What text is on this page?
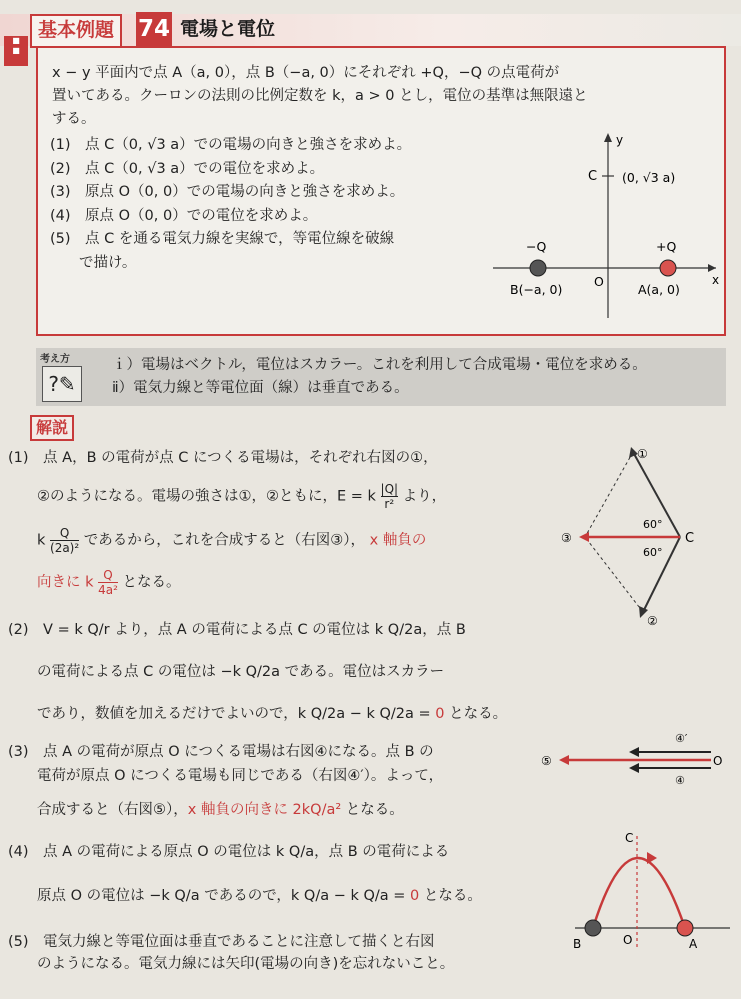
■
■
基本例題	74 電場と電位

x − y 平面内で点 A（a, 0），点 B（−a, 0）にそれぞれ +Q，−Q の点電荷が

置いてある。クーロンの法則の比例定数を k，a > 0 とし，電位の基準は無限遠と

する。

(1)　点 C（0, √3 a）での電場の向きと強さを求めよ。
(2)　点 C（0, √3 a）での電位を求めよ。
(3)　原点 O（0, 0）での電場の向きと強さを求めよ。
(4)　原点 O（0, 0）での電位を求めよ。
(5)　点 C を通る電気力線を実線で，等電位線を破線
　　で描け。
y
x
C (0, √3 a)
−Q	+Q
B(−a, 0)
O
A(a, 0)
考え方
?✎
ｉ）電場はベクトル，電位はスカラー。これを利用して合成電場・電位を求める。
ⅱ）電気力線と等電位面（線）は垂直である。
解説
(1)　点 A，B の電荷が点 C につくる電場は，それぞれ右図の①，
　　②のようになる。電場の強さは①，②ともに，E = k $\frac{|Q|}{\text{r²}}$ より，
　　k $\frac{Q}{\text{(2a)²}}$ であるから，これを合成すると（右図③）， x 軸負の
　　向きに k $\frac{Q}{\text{4a²}}$ となる。
(2)　V = k Q/r より，点 A の電荷による点 C の電位は k Q/2a，点 B
　　の電荷による点 C の電位は −k Q/2a である。電位はスカラー
　　であり，数値を加えるだけでよいので，k Q/2a − k Q/2a = 0 となる。
(3)　点 A の電荷が原点 O につくる電場は右図④になる。点 B の
　　電荷が原点 O につくる電場も同じである（右図④′）。よって，
　　合成すると（右図⑤），x 軸負の向きに 2kQ/a² となる。
(4)　点 A の電荷による原点 O の電位は k Q/a，点 B の電荷による
　　原点 O の電位は −k Q/a であるので，k Q/a − k Q/a = 0 となる。
(5)　電気力線と等電位面は垂直であることに注意して描くと右図
　　のようになる。電気力線には矢印(電場の向き)を忘れないこと。
C
①
②
③
60°
60°
④′
④
⑤	O
C
O	A
B
